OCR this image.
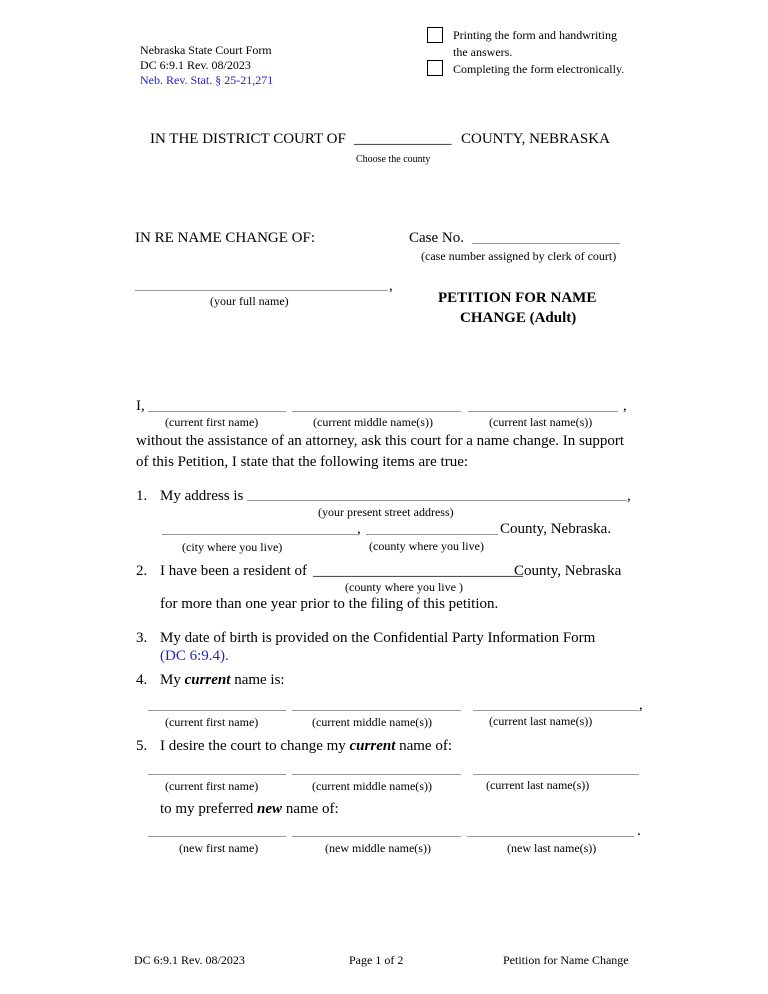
Nebraska State Court Form
DC 6:9.1 Rev. 08/2023
Neb. Rev. Stat. § 25-21,271
Printing the form and handwriting
the answers.
Completing the form electronically.
IN THE DISTRICT COURT OF _____________ COUNTY, NEBRASKA
Choose the county
IN RE NAME CHANGE OF:	Case No.
(case number assigned by clerk of court)
,
(your full name)	PETITION FOR NAME
CHANGE (Adult)
I,	,
(current first name)	(current middle name(s))	(current last name(s))
without the assistance of an attorney, ask this court for a name change. In support
of this Petition, I state that the following items are true:
1. My address is	,
(your present street address)
,	County, Nebraska.
(city where you live)	(county where you live)
2. I have been a resident of ____________________________
County, Nebraska
(county where you live )
for more than one year prior to the filing of this petition.
3. My date of birth is provided on the Confidential Party Information Form
(DC 6:9.4).
4. My current name is:
,
(current first name)	(current middle name(s))	(current last name(s))
5. I desire the court to change my current name of:
(current first name)	(current middle name(s))	(current last name(s))
to my preferred new name of:
.
(new first name)	(new middle name(s))	(new last name(s))
DC 6:9.1 Rev. 08/2023	Page 1 of 2	Petition for Name Change
